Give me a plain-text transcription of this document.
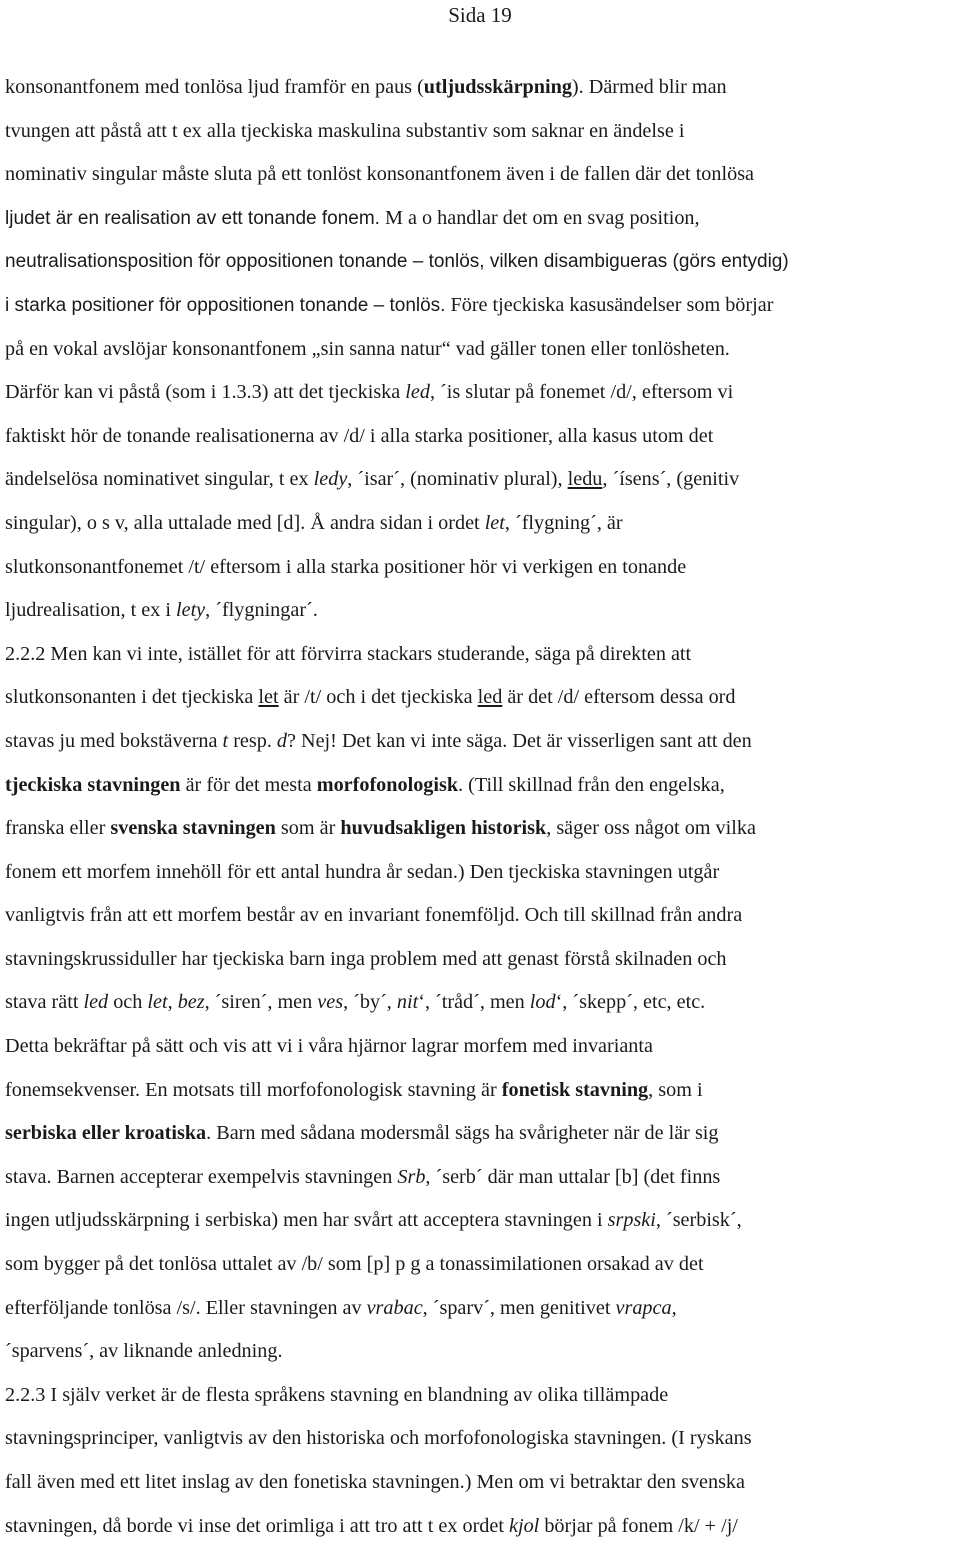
Sida 19
konsonantfonem med tonlösa ljud framför en paus (utljudsskärpning). Därmed blir man
tvungen att påstå att t ex alla tjeckiska maskulina substantiv som saknar en ändelse i
nominativ singular måste sluta på ett tonlöst konsonantfonem även i de fallen där det tonlösa
ljudet är en realisation av ett tonande fonem. M a o handlar det om en svag position,
neutralisationsposition för oppositionen tonande – tonlös, vilken disambigueras (görs entydig)
i starka positioner för oppositionen tonande – tonlös. Före tjeckiska kasusändelser som börjar
på en vokal avslöjar konsonantfonem „sin sanna natur“ vad gäller tonen eller tonlösheten.
Därför kan vi påstå (som i 1.3.3) att det tjeckiska led, ´is slutar på fonemet /d/, eftersom vi
faktiskt hör de tonande realisationerna av /d/ i alla starka positioner, alla kasus utom det
ändelselösa nominativet singular, t ex ledy, ´isar´, (nominativ plural), ledu, ´ísens´, (genitiv
singular), o s v, alla uttalade med [d]. Å andra sidan i ordet let, ´flygning´, är
slutkonsonantfonemet /t/ eftersom i alla starka positioner hör vi verkigen en tonande
ljudrealisation, t ex i lety, ´flygningar´.
2.2.2 Men kan vi inte, istället för att förvirra stackars studerande, säga på direkten att
slutkonsonanten i det tjeckiska let är /t/ och i det tjeckiska led är det /d/ eftersom dessa ord
stavas ju med bokstäverna t resp. d? Nej! Det kan vi inte säga. Det är visserligen sant att den
tjeckiska stavningen är för det mesta morfofonologisk. (Till skillnad från den engelska,
franska eller svenska stavningen som är huvudsakligen historisk, säger oss något om vilka
fonem ett morfem innehöll för ett antal hundra år sedan.) Den tjeckiska stavningen utgår
vanligtvis från att ett morfem består av en invariant fonemföljd. Och till skillnad från andra
stavningskrussiduller har tjeckiska barn inga problem med att genast förstå skilnaden och
stava rätt led och let, bez, ´siren´, men ves, ´by´, nit‘, ´tråd´, men lod‘, ´skepp´, etc, etc.
Detta bekräftar på sätt och vis att vi i våra hjärnor lagrar morfem med invarianta
fonemsekvenser. En motsats till morfofonologisk stavning är fonetisk stavning, som i
serbiska eller kroatiska. Barn med sådana modersmål sägs ha svårigheter när de lär sig
stava. Barnen accepterar exempelvis stavningen Srb, ´serb´ där man uttalar [b] (det finns
ingen utljudsskärpning i serbiska) men har svårt att acceptera stavningen i srpski, ´serbisk´,
som bygger på det tonlösa uttalet av /b/ som [p] p g a tonassimilationen orsakad av det
efterföljande tonlösa /s/. Eller stavningen av vrabac, ´sparv´, men genitivet vrapca,
´sparvens´, av liknande anledning.
2.2.3 I själv verket är de flesta språkens stavning en blandning av olika tillämpade
stavningsprinciper, vanligtvis av den historiska och morfofonologiska stavningen. (I ryskans
fall även med ett litet inslag av den fonetiska stavningen.) Men om vi betraktar den svenska
stavningen, då borde vi inse det orimliga i att tro att t ex ordet kjol börjar på fonem /k/ + /j/
